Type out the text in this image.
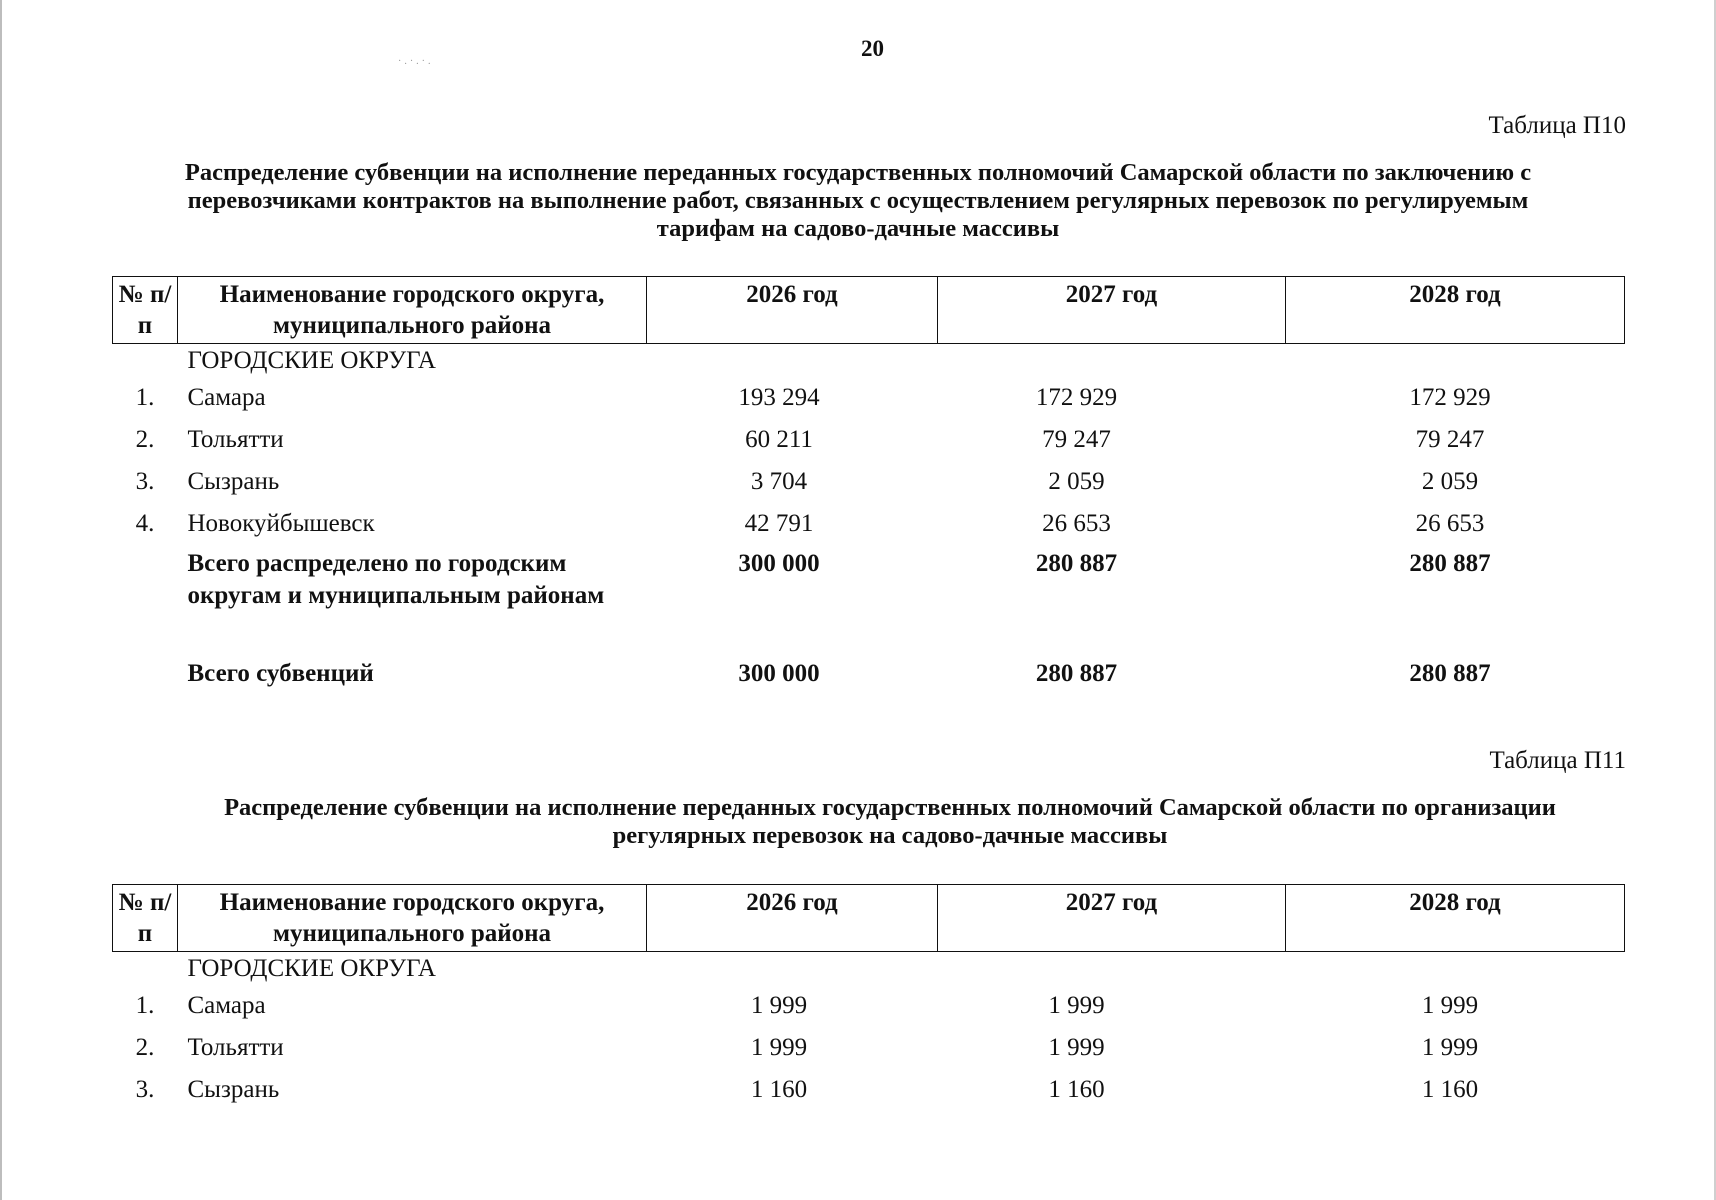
·.·.·.
20
Таблица П10
Распределение субвенции на исполнение переданных государственных полномочий Самарской области по заключению с перевозчиками контрактов на выполнение работ, связанных с осуществлением регулярных перевозок по регулируемым тарифам на садово-дачные массивы
№ п/п	Наименование городского округа, муниципального района	2026 год	2027 год	2028 год
	ГОРОДСКИЕ ОКРУГА			
1.	Самара	193 294	172 929	172 929
2.	Тольятти	60 211	79 247	79 247
3.	Сызрань	3 704	2 059	2 059
4.	Новокуйбышевск	42 791	26 653	26 653
	Всего распределено по городским округам и муниципальным районам	300 000	280 887	280 887
	Всего субвенций	300 000	280 887	280 887
Таблица П11
Распределение субвенции на исполнение переданных государственных полномочий Самарской области по организации регулярных перевозок на садово-дачные массивы
№ п/п	Наименование городского округа, муниципального района	2026 год	2027 год	2028 год
	ГОРОДСКИЕ ОКРУГА			
1.	Самара	1 999	1 999	1 999
2.	Тольятти	1 999	1 999	1 999
3.	Сызрань	1 160	1 160	1 160
